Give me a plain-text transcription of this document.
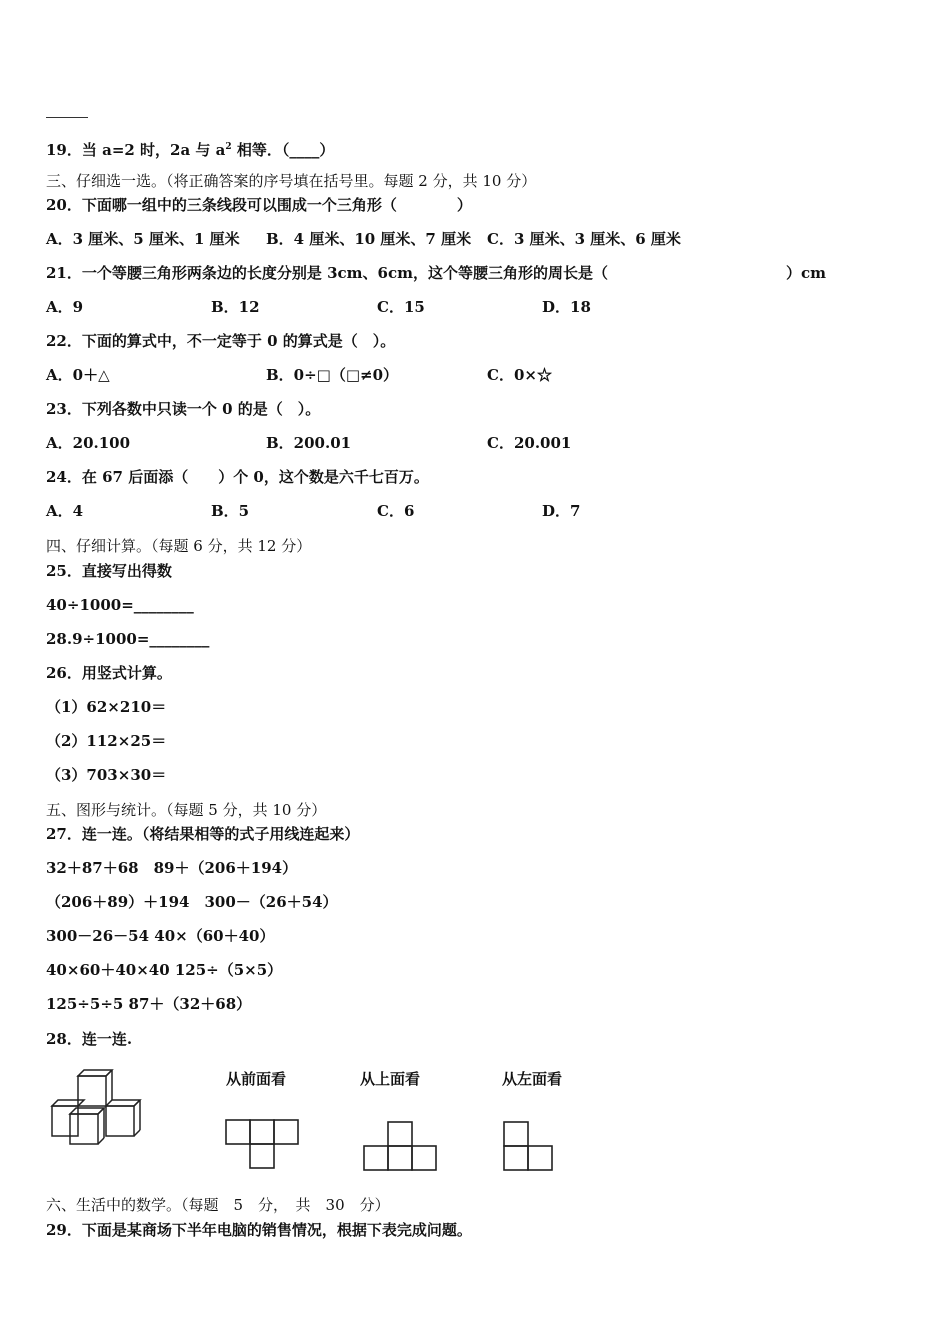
19．当 a=2 时，2a 与 $a^2$ 相等．（____）
三、仔细选一选。（将正确答案的序号填在括号里。每题 2 分，共 10 分）
20．下面哪一组中的三条线段可以围成一个三角形（　　　　）
A．3 厘米、5 厘米、1 厘米 B．4 厘米、10 厘米、7 厘米 C．3 厘米、3 厘米、6 厘米
21．一个等腰三角形两条边的长度分别是 3cm、6cm，这个等腰三角形的周长是（	）cm
A．9	B．12	C．15	D．18
22．下面的算式中，不一定等于 0 的算式是（　）。
A．0＋△	B．0÷□（□≠0）	C．0×☆
23．下列各数中只读一个 0 的是（　）。
A．20.100	B．200.01	C．20.001
24．在 67 后面添（　　）个 0，这个数是六千七百万。
A．4	B．5	C．6	D．7
四、仔细计算。（每题 6 分，共 12 分）
25．直接写出得数
40÷1000=________
28.9÷1000=________
26．用竖式计算。
（1）62×210＝
（2）112×25＝
（3）703×30＝
五、图形与统计。（每题 5 分，共 10 分）
27．连一连。（将结果相等的式子用线连起来）
32＋87＋68　89＋（206＋194）
（206＋89）＋194　300－（26＋54）
300－26－54 40×（60＋40）
40×60＋40×40 125÷（5×5）
125÷5÷5 87＋（32＋68）
28．连一连.
从前面看	从上面看	从左面看
六、生活中的数学。（每题　5　分，　共　30　分）
29．下面是某商场下半年电脑的销售情况，根据下表完成问题。
